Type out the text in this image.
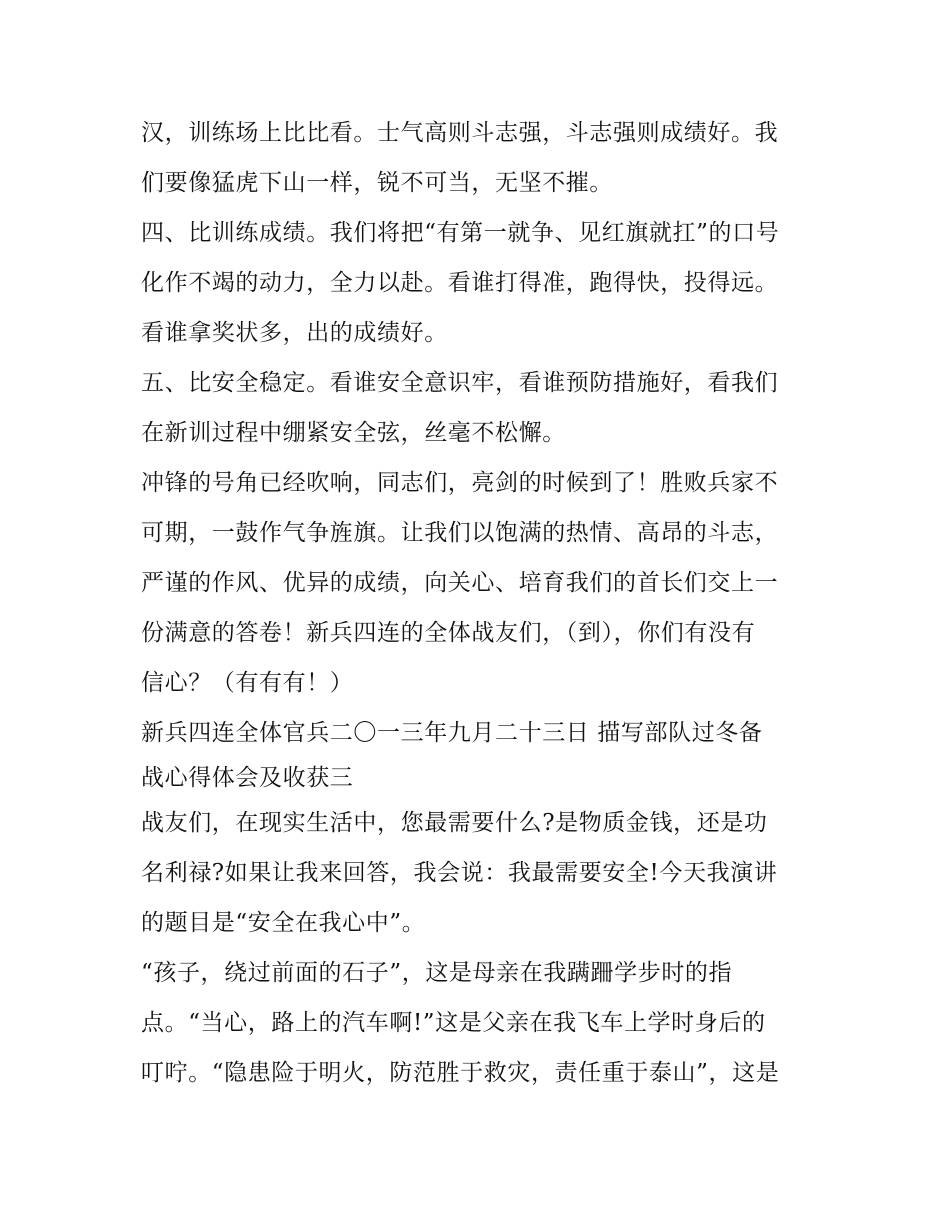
汉，训练场上比比看。士气高则斗志强，斗志强则成绩好。我
们要像猛虎下山一样，锐不可当，无坚不摧。
四、比训练成绩。我们将把“有第一就争、见红旗就扛”的口号
化作不竭的动力，全力以赴。看谁打得准，跑得快，投得远。
看谁拿奖状多，出的成绩好。
五、比安全稳定。看谁安全意识牢，看谁预防措施好，看我们
在新训过程中绷紧安全弦，丝毫不松懈。
冲锋的号角已经吹响，同志们，亮剑的时候到了！胜败兵家不
可期，一鼓作气争旌旗。让我们以饱满的热情、高昂的斗志，
严谨的作风、优异的成绩，向关心、培育我们的首长们交上一
份满意的答卷！新兵四连的全体战友们，（到），你们有没有
信心？（有有有！）
新兵四连全体官兵二〇一三年九月二十三日 描写部队过冬备
战心得体会及收获三
战友们，在现实生活中，您最需要什么?是物质金钱，还是功
名利禄?如果让我来回答，我会说：我最需要安全!今天我演讲
的题目是“安全在我心中”。
“孩子，绕过前面的石子”，这是母亲在我蹒跚学步时的指
点。“当心，路上的汽车啊!”这是父亲在我飞车上学时身后的
叮咛。“隐患险于明火，防范胜于救灾，责任重于泰山”，这是
